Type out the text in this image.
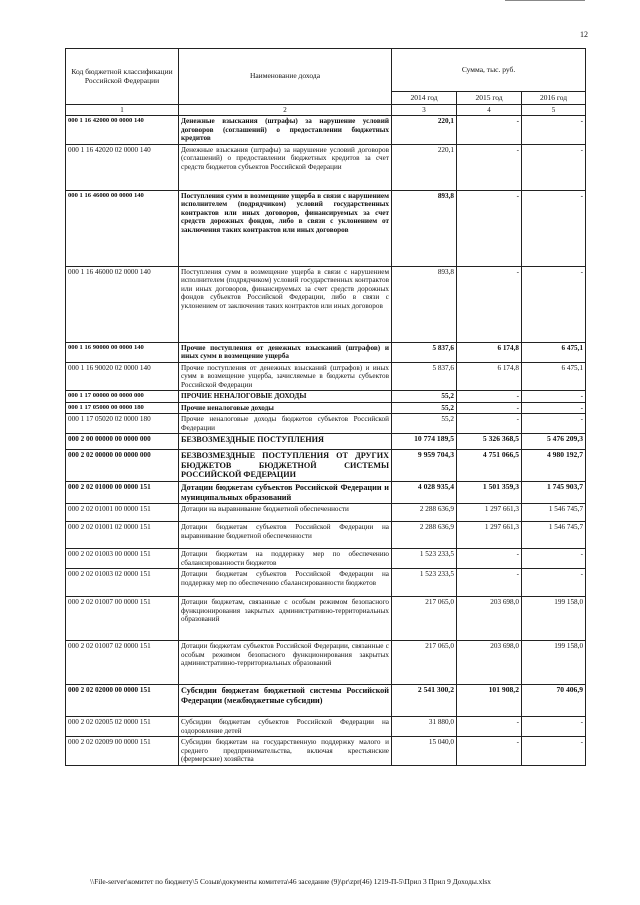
12
Код бюджетной классификации Российской Федерации	Наименование дохода	Сумма, тыс. руб.		
		2014 год	2015 год	2016 год
1	2	3	4	5
000 1 16 42000 00 0000 140	Денежные взыскания (штрафы) за нарушение условий договоров (соглашений) о предоставлении бюджетных кредитов	220,1	-	-
000 1 16 42020 02 0000 140	Денежные взыскания (штрафы) за нарушение условий договоров (соглашений) о предоставлении бюджетных кредитов за счет средств бюджетов субъектов Российской Федерации	220,1	-	-
000 1 16 46000 00 0000 140	Поступления сумм в возмещение ущерба в связи с нарушением исполнителем (подрядчиком) условий государственных контрактов или иных договоров, финансируемых за счет средств дорожных фондов, либо в связи с уклонением от заключения таких контрактов или иных договоров	893,8	-	-
000 1 16 46000 02 0000 140	Поступления сумм в возмещение ущерба в связи с нарушением исполнителем (подрядчиком) условий государственных контрактов или иных договоров, финансируемых за счет средств дорожных фондов субъектов Российской Федерации, либо в связи с уклонением от заключения таких контрактов или иных договоров	893,8	-	-
000 1 16 90000 00 0000 140	Прочие поступления от денежных взысканий (штрафов) и иных сумм в возмещение ущерба	5 837,6	6 174,8	6 475,1
000 1 16 90020 02 0000 140	Прочие поступления от денежных взысканий (штрафов) и иных сумм в возмещение ущерба, зачисляемые в бюджеты субъектов Российской Федерации	5 837,6	6 174,8	6 475,1
000 1 17 00000 00 0000 000	ПРОЧИЕ НЕНАЛОГОВЫЕ ДОХОДЫ	55,2	-	-
000 1 17 05000 00 0000 180	Прочие неналоговые доходы	55,2	-	-
000 1 17 05020 02 0000 180	Прочие неналоговые доходы бюджетов субъектов Российской Федерации	55,2	-	-
000 2 00 00000 00 0000 000	БЕЗВОЗМЕЗДНЫЕ ПОСТУПЛЕНИЯ	10 774 189,5	5 326 368,5	5 476 209,3
000 2 02 00000 00 0000 000	БЕЗВОЗМЕЗДНЫЕ ПОСТУПЛЕНИЯ ОТ ДРУГИХ БЮДЖЕТОВ БЮДЖЕТНОЙ СИСТЕМЫ РОССИЙСКОЙ ФЕДЕРАЦИИ	9 959 704,3	4 751 066,5	4 980 192,7
000 2 02 01000 00 0000 151	Дотации бюджетам субъектов Российской Федерации и муниципальных образований	4 028 935,4	1 501 359,3	1 745 903,7
000 2 02 01001 00 0000 151	Дотации на выравнивание бюджетной обеспеченности	2 288 636,9	1 297 661,3	1 546 745,7
000 2 02 01001 02 0000 151	Дотации бюджетам субъектов Российской Федерации на выравнивание бюджетной обеспеченности	2 288 636,9	1 297 661,3	1 546 745,7
000 2 02 01003 00 0000 151	Дотации бюджетам на поддержку мер по обеспечению сбалансированности бюджетов	1 523 233,5	-	-
000 2 02 01003 02 0000 151	Дотации бюджетам субъектов Российской Федерации на поддержку мер по обеспечению сбалансированности бюджетов	1 523 233,5	-	-
000 2 02 01007 00 0000 151	Дотации бюджетам, связанные с особым режимом безопасного функционирования закрытых административно-территориальных образований	217 065,0	203 698,0	199 158,0
000 2 02 01007 02 0000 151	Дотации бюджетам субъектов Российской Федерации, связанные с особым режимом безопасного функционирования закрытых административно-территориальных образований	217 065,0	203 698,0	199 158,0
000 2 02 02000 00 0000 151	Субсидии бюджетам бюджетной системы Российской Федерации (межбюджетные субсидии)	2 541 300,2	101 908,2	70 406,9
000 2 02 02005 02 0000 151	Субсидии бюджетам субъектов Российской Федерации на оздоровление детей	31 880,0	-	-
000 2 02 02009 00 0000 151	Субсидии бюджетам на государственную поддержку малого и среднего предпринимательства, включая крестьянские (фермерские) хозяйства	15 040,0	-	-
\\File-server\комитет по бюджету\5 Созыв\документы комитета\46 заседание (9)\pr\zpr(46) 1219-П-5\Прил 3 Прил 9 Доходы.xlsx
